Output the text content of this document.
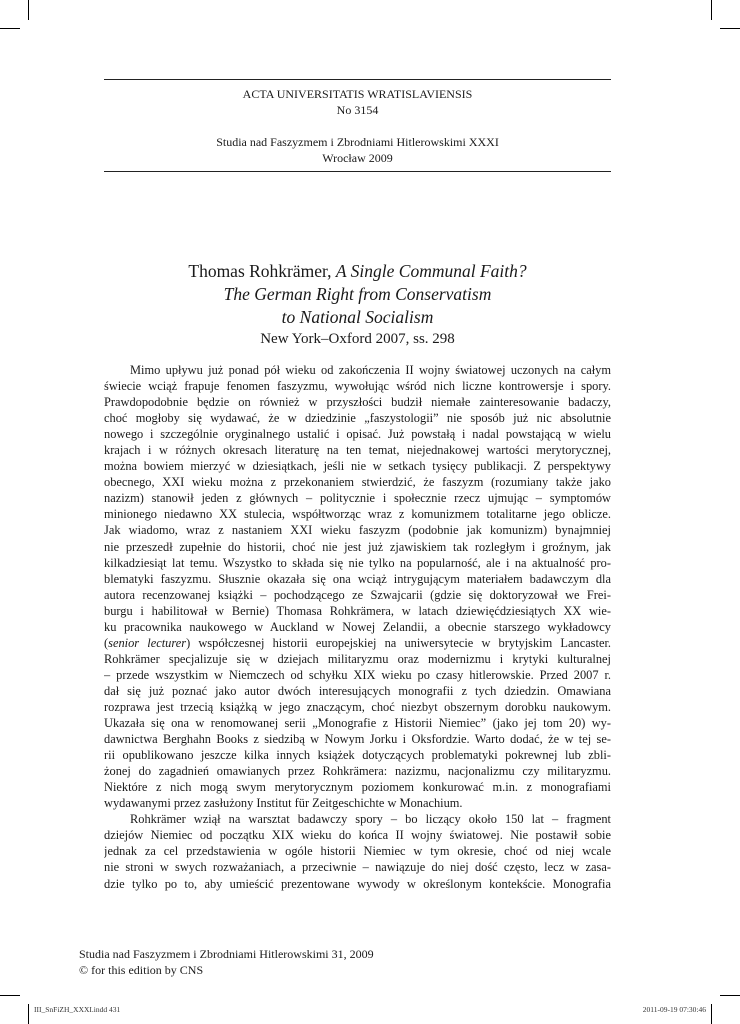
ACTA UNIVERSITATIS WRATISLAVIENSIS
No 3154
Studia nad Faszyzmem i Zbrodniami Hitlerowskimi XXXI
Wrocław 2009
Thomas Rohkrämer, A Single Communal Faith?
The German Right from Conservatism
to National Socialism
New York–Oxford 2007, ss. 298
Mimo upływu już ponad pół wieku od zakończenia II wojny światowej uczonych na całym
świecie wciąż frapuje fenomen faszyzmu, wywołując wśród nich liczne kontrowersje i spory.
Prawdopodobnie będzie on również w przyszłości budził niemałe zainteresowanie badaczy,
choć mogłoby się wydawać, że w dziedzinie „faszystologii” nie sposób już nic absolutnie
nowego i szczególnie oryginalnego ustalić i opisać. Już powstałą i nadal powstającą w wielu
krajach i w różnych okresach literaturę na ten temat, niejednakowej wartości merytorycznej,
można bowiem mierzyć w dziesiątkach, jeśli nie w setkach tysięcy publikacji. Z perspektywy
obecnego, XXI wieku można z przekonaniem stwierdzić, że faszyzm (rozumiany także jako
nazizm) stanowił jeden z głównych – politycznie i społecznie rzecz ujmując – symptomów
minionego niedawno XX stulecia, współtworząc wraz z komunizmem totalitarne jego oblicze.
Jak wiadomo, wraz z nastaniem XXI wieku faszyzm (podobnie jak komunizm) bynajmniej
nie przeszedł zupełnie do historii, choć nie jest już zjawiskiem tak rozległym i groźnym, jak
kilkadziesiąt lat temu. Wszystko to składa się nie tylko na popularność, ale i na aktualność pro-
blematyki faszyzmu. Słusznie okazała się ona wciąż intrygującym materiałem badawczym dla
autora recenzowanej książki – pochodzącego ze Szwajcarii (gdzie się doktoryzował we Frei-
burgu i habilitował w Bernie) Thomasa Rohkrämera, w latach dziewięćdziesiątych XX wie-
ku pracownika naukowego w Auckland w Nowej Zelandii, a obecnie starszego wykładowcy
(senior lecturer) współczesnej historii europejskiej na uniwersytecie w brytyjskim Lancaster.
Rohkrämer specjalizuje się w dziejach militaryzmu oraz modernizmu i krytyki kulturalnej
– przede wszystkim w Niemczech od schyłku XIX wieku po czasy hitlerowskie. Przed 2007 r.
dał się już poznać jako autor dwóch interesujących monografii z tych dziedzin. Omawiana
rozprawa jest trzecią książką w jego znaczącym, choć niezbyt obszernym dorobku naukowym.
Ukazała się ona w renomowanej serii „Monografie z Historii Niemiec” (jako jej tom 20) wy-
dawnictwa Berghahn Books z siedzibą w Nowym Jorku i Oksfordzie. Warto dodać, że w tej se-
rii opublikowano jeszcze kilka innych książek dotyczących problematyki pokrewnej lub zbli-
żonej do zagadnień omawianych przez Rohkrämera: nazizmu, nacjonalizmu czy militaryzmu.
Niektóre z nich mogą swym merytorycznym poziomem konkurować m.in. z monografiami
wydawanymi przez zasłużony Institut für Zeitgeschichte w Monachium.
Rohkrämer wziął na warsztat badawczy spory – bo liczący około 150 lat – fragment
dziejów Niemiec od początku XIX wieku do końca II wojny światowej. Nie postawił sobie
jednak za cel przedstawienia w ogóle historii Niemiec w tym okresie, choć od niej wcale
nie stroni w swych rozważaniach, a przeciwnie – nawiązuje do niej dość często, lecz w zasa-
dzie tylko po to, aby umieścić prezentowane wywody w określonym kontekście. Monografia
Studia nad Faszyzmem i Zbrodniami Hitlerowskimi 31, 2009
© for this edition by CNS
III_SnFiZH_XXXI.indd 431	2011-09-19 07:30:46
